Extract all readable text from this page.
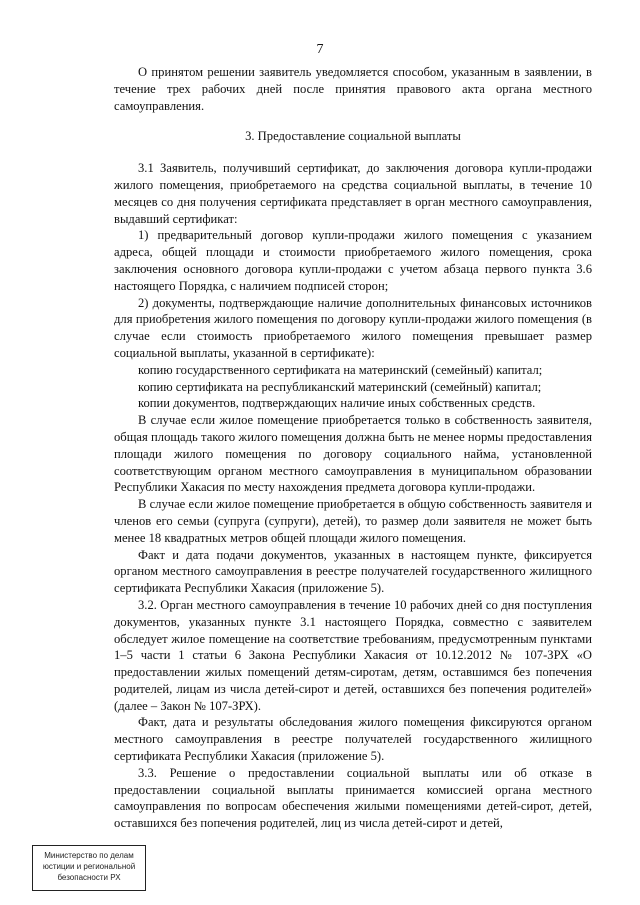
7

О принятом решении заявитель уведомляется способом, указанным в заявлении, в течение трех рабочих дней после принятия правового акта органа местного самоуправления.

3. Предоставление социальной выплаты

3.1 Заявитель, получивший сертификат, до заключения договора купли-продажи жилого помещения, приобретаемого на средства социальной выплаты, в течение 10 месяцев со дня получения сертификата представляет в орган местного самоуправления, выдавший сертификат:

1) предварительный договор купли-продажи жилого помещения с указанием адреса, общей площади и стоимости приобретаемого жилого помещения, срока заключения основного договора купли-продажи с учетом абзаца первого пункта 3.6 настоящего Порядка, с наличием подписей сторон;

2) документы, подтверждающие наличие дополнительных финансовых источников для приобретения жилого помещения по договору купли-продажи жилого помещения (в случае если стоимость приобретаемого жилого помещения превышает размер социальной выплаты, указанной в сертификате):

копию государственного сертификата на материнский (семейный) капитал;

копию сертификата на республиканский материнский (семейный) капитал;

копии документов, подтверждающих наличие иных собственных средств.

В случае если жилое помещение приобретается только в собственность заявителя, общая площадь такого жилого помещения должна быть не менее нормы предоставления площади жилого помещения по договору социального найма, установленной соответствующим органом местного самоуправления в муниципальном образовании Республики Хакасия по месту нахождения предмета договора купли-продажи.

В случае если жилое помещение приобретается в общую собственность заявителя и членов его семьи (супруга (супруги), детей), то размер доли заявителя не может быть менее 18 квадратных метров общей площади жилого помещения.

Факт и дата подачи документов, указанных в настоящем пункте, фиксируется органом местного самоуправления в реестре получателей государственного жилищного сертификата Республики Хакасия (приложение 5).

3.2. Орган местного самоуправления в течение 10 рабочих дней со дня поступления документов, указанных пункте 3.1 настоящего Порядка, совместно с заявителем обследует жилое помещение на соответствие требованиям, предусмотренным пунктами 1–5 части 1 статьи 6 Закона Республики Хакасия от 10.12.2012 № 107-ЗРХ «О предоставлении жилых помещений детям-сиротам, детям, оставшимся без попечения родителей, лицам из числа детей-сирот и детей, оставшихся без попечения родителей» (далее – Закон № 107-ЗРХ).

Факт, дата и результаты обследования жилого помещения фиксируются органом местного самоуправления в реестре получателей государственного жилищного сертификата Республики Хакасия (приложение 5).

3.3. Решение о предоставлении социальной выплаты или об отказе в предоставлении социальной выплаты принимается комиссией органа местного самоуправления по вопросам обеспечения жилыми помещениями детей-сирот, детей, оставшихся без попечения родителей, лиц из числа детей-сирот и детей,

Министерство по делам
юстиции и региональной
безопасности РХ
